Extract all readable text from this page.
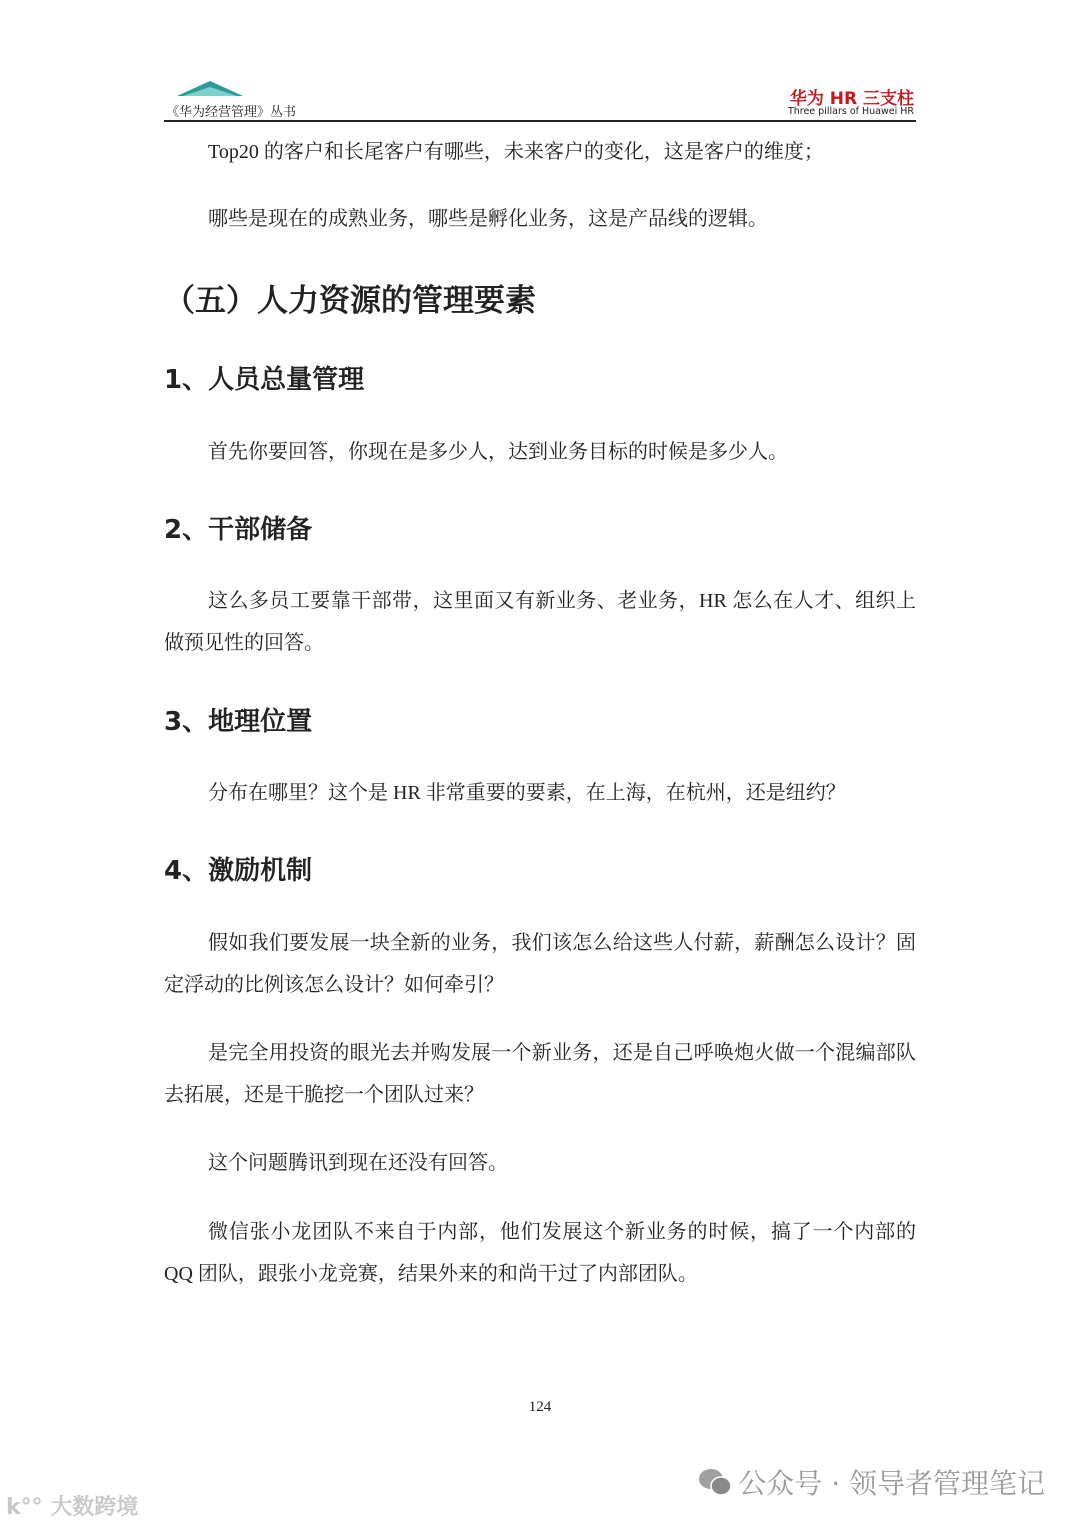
《华为经营管理》丛书
华为 HR 三支柱
Three pillars of Huawei HR
Top20 的客户和长尾客户有哪些，未来客户的变化，这是客户的维度；
哪些是现在的成熟业务，哪些是孵化业务，这是产品线的逻辑。
（五）人力资源的管理要素
1、人员总量管理
首先你要回答，你现在是多少人，达到业务目标的时候是多少人。
2、干部储备
这么多员工要靠干部带，这里面又有新业务、老业务，HR 怎么在人才、组织上做预见性的回答。
3、地理位置
分布在哪里？这个是 HR 非常重要的要素，在上海，在杭州，还是纽约？
4、激励机制
假如我们要发展一块全新的业务，我们该怎么给这些人付薪，薪酬怎么设计？固定浮动的比例该怎么设计？如何牵引？
是完全用投资的眼光去并购发展一个新业务，还是自己呼唤炮火做一个混编部队去拓展，还是干脆挖一个团队过来？
这个问题腾讯到现在还没有回答。
微信张小龙团队不来自于内部，他们发展这个新业务的时候，搞了一个内部的 QQ 团队，跟张小龙竞赛，结果外来的和尚干过了内部团队。
124
公众号 · 领导者管理笔记
k°° 大数跨境
